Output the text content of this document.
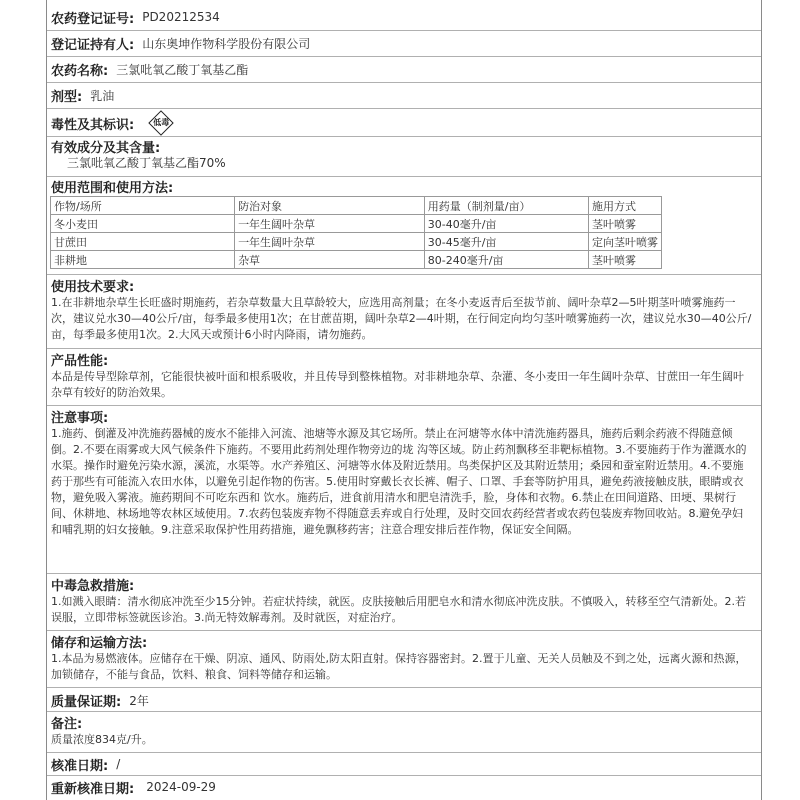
农药登记证号: PD20212534
登记证持有人: 山东奥坤作物科学股份有限公司
农药名称: 三氯吡氧乙酸丁氧基乙酯
剂型: 乳油
毒性及其标识:	低毒
有效成分及其含量:
三氯吡氧乙酸丁氧基乙酯70%
使用范围和使用方法:
作物/场所	防治对象	用药量（制剂量/亩）	施用方式
冬小麦田	一年生阔叶杂草	30-40毫升/亩	茎叶喷雾
甘蔗田	一年生阔叶杂草	30-45毫升/亩	定向茎叶喷雾
非耕地	杂草	80-240毫升/亩	茎叶喷雾
使用技术要求:
1.在非耕地杂草生长旺盛时期施药，若杂草数量大且草龄较大，应选用高剂量；在冬小麦返青后至拔节前、阔叶杂草2—5叶期茎叶喷雾施药一次，建议兑水30—40公斤/亩，每季最多使用1次；在甘蔗苗期，阔叶杂草2—4叶期，在行间定向均匀茎叶喷雾施药一次，建议兑水30—40公斤/亩，每季最多使用1次。2.大风天或预计6小时内降雨，请勿施药。
产品性能:
本品是传导型除草剂，它能很快被叶面和根系吸收，并且传导到整株植物。对非耕地杂草、杂灌、冬小麦田一年生阔叶杂草、甘蔗田一年生阔叶杂草有较好的防治效果。
注意事项:
1.施药、倒灌及冲洗施药器械的废水不能排入河流、池塘等水源及其它场所。禁止在河塘等水体中清洗施药器具，施药后剩余药液不得随意倾倒。2.不要在雨雾或大风气候条件下施药。不要用此药剂处理作物旁边的垅 沟等区域。防止药剂飘移至非靶标植物。3.不要施药于作为灌溉水的水渠。操作时避免污染水源，溪流，水渠等。水产养殖区、河塘等水体及附近禁用。鸟类保护区及其附近禁用；桑园和蚕室附近禁用。4.不要施药于那些有可能流入农田水体，以避免引起作物的伤害。5.使用时穿戴长衣长裤、帽子、口罩、手套等防护用具，避免药液接触皮肤，眼睛或衣物，避免吸入雾液。施药期间不可吃东西和 饮水。施药后，进食前用清水和肥皂清洗手，脸，身体和衣物。6.禁止在田间道路、田埂、果树行间、休耕地、林场地等农林区域使用。7.农药包装废弃物不得随意丢弃或自行处理，及时交回农药经营者或农药包装废弃物回收站。8.避免孕妇和哺乳期的妇女接触。9.注意采取保护性用药措施，避免飘移药害；注意合理安排后茬作物，保证安全间隔。
中毒急救措施:
1.如溅入眼睛：清水彻底冲洗至少15分钟。若症状持续，就医。皮肤接触后用肥皂水和清水彻底冲洗皮肤。不慎吸入，转移至空气清新处。2.若误服，立即带标签就医诊治。3.尚无特效解毒剂。及时就医，对症治疗。
储存和运输方法:
1.本品为易燃液体。应储存在干燥、阴凉、通风、防雨处,防太阳直射。保持容器密封。2.置于儿童、无关人员触及不到之处，远离火源和热源，加锁储存，不能与食品，饮料、粮食、饲料等储存和运输。
质量保证期: 2年
备注:
质量浓度834克/升。
核准日期: /
重新核准日期: 2024-09-29
